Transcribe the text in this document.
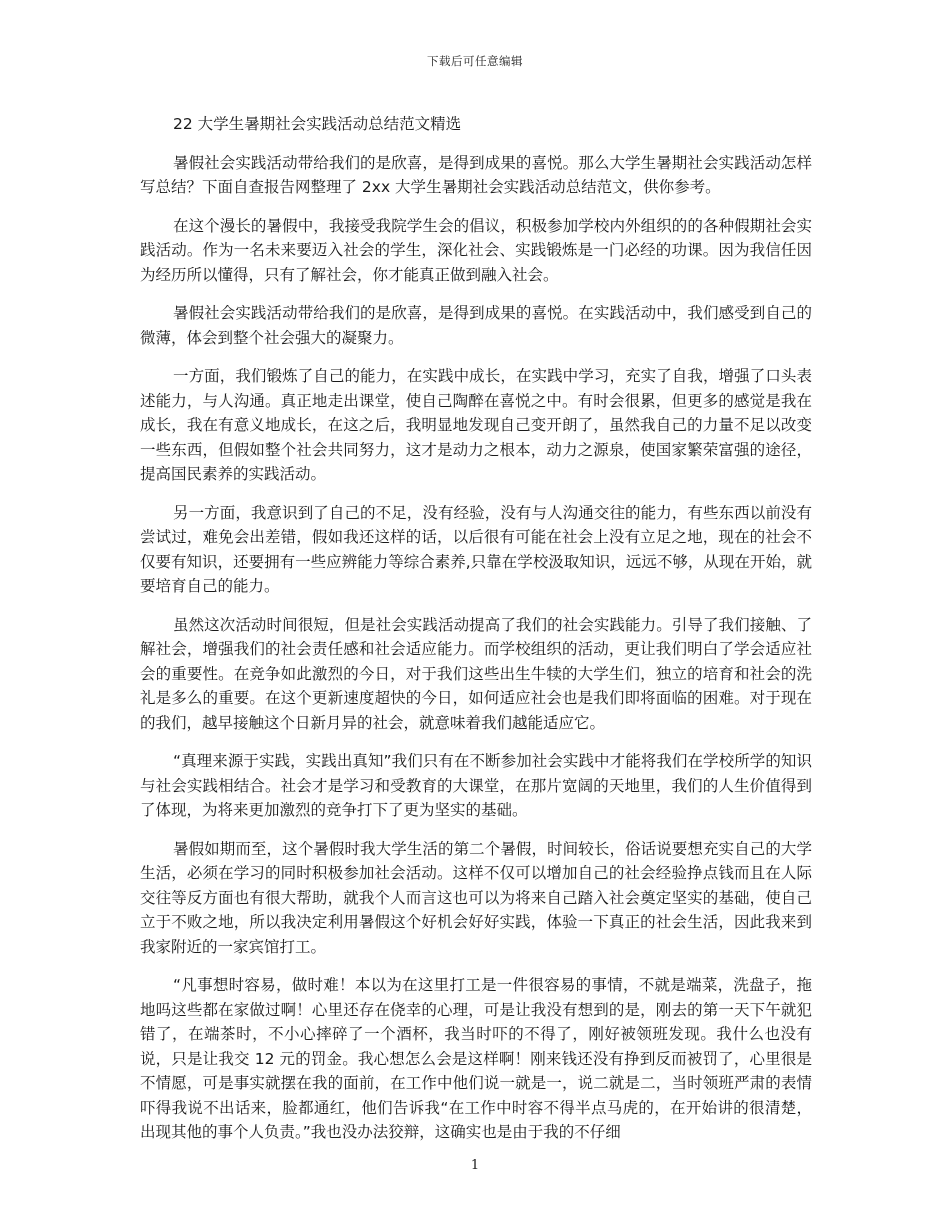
下载后可任意编辑

22 大学生暑期社会实践活动总结范文精选

暑假社会实践活动带给我们的是欣喜，是得到成果的喜悦。那么大学生暑期社会实践活动怎样写总结？下面自查报告网整理了 2xx 大学生暑期社会实践活动总结范文，供你参考。

在这个漫长的暑假中，我接受我院学生会的倡议，积极参加学校内外组织的的各种假期社会实践活动。作为一名未来要迈入社会的学生，深化社会、实践锻炼是一门必经的功课。因为我信任因为经历所以懂得，只有了解社会，你才能真正做到融入社会。

暑假社会实践活动带给我们的是欣喜，是得到成果的喜悦。在实践活动中，我们感受到自己的微薄，体会到整个社会强大的凝聚力。

一方面，我们锻炼了自己的能力，在实践中成长，在实践中学习，充实了自我，增强了口头表述能力，与人沟通。真正地走出课堂，使自己陶醉在喜悦之中。有时会很累，但更多的感觉是我在成长，我在有意义地成长，在这之后，我明显地发现自己变开朗了，虽然我自己的力量不足以改变一些东西，但假如整个社会共同努力，这才是动力之根本，动力之源泉，使国家繁荣富强的途径，提高国民素养的实践活动。

另一方面，我意识到了自己的不足，没有经验，没有与人沟通交往的能力，有些东西以前没有尝试过，难免会出差错，假如我还这样的话，以后很有可能在社会上没有立足之地，现在的社会不仅要有知识，还要拥有一些应辨能力等综合素养,只靠在学校汲取知识，远远不够，从现在开始，就要培育自己的能力。

虽然这次活动时间很短，但是社会实践活动提高了我们的社会实践能力。引导了我们接触、了解社会，增强我们的社会责任感和社会适应能力。而学校组织的活动，更让我们明白了学会适应社会的重要性。在竞争如此激烈的今日，对于我们这些出生牛犊的大学生们，独立的培育和社会的洗礼是多么的重要。在这个更新速度超快的今日，如何适应社会也是我们即将面临的困难。对于现在的我们，越早接触这个日新月异的社会，就意味着我们越能适应它。

“真理来源于实践，实践出真知”我们只有在不断参加社会实践中才能将我们在学校所学的知识与社会实践相结合。社会才是学习和受教育的大课堂，在那片宽阔的天地里，我们的人生价值得到了体现，为将来更加激烈的竞争打下了更为坚实的基础。

暑假如期而至，这个暑假时我大学生活的第二个暑假，时间较长，俗话说要想充实自己的大学生活，必须在学习的同时积极参加社会活动。这样不仅可以增加自己的社会经验挣点钱而且在人际交往等反方面也有很大帮助，就我个人而言这也可以为将来自己踏入社会奠定坚实的基础，使自己立于不败之地，所以我决定利用暑假这个好机会好好实践，体验一下真正的社会生活，因此我来到我家附近的一家宾馆打工。

“凡事想时容易，做时难！本以为在这里打工是一件很容易的事情，不就是端菜，洗盘子，拖地吗这些都在家做过啊！心里还存在侥幸的心理，可是让我没有想到的是，刚去的第一天下午就犯错了，在端茶时，不小心摔碎了一个酒杯，我当时吓的不得了，刚好被领班发现。我什么也没有说，只是让我交 12 元的罚金。我心想怎么会是这样啊！刚来钱还没有挣到反而被罚了，心里很是不情愿，可是事实就摆在我的面前，在工作中他们说一就是一，说二就是二，当时领班严肃的表情吓得我说不出话来，脸都通红，他们告诉我“在工作中时容不得半点马虎的，在开始讲的很清楚，出现其他的事个人负责。”我也没办法狡辩，这确实也是由于我的不仔细

1
